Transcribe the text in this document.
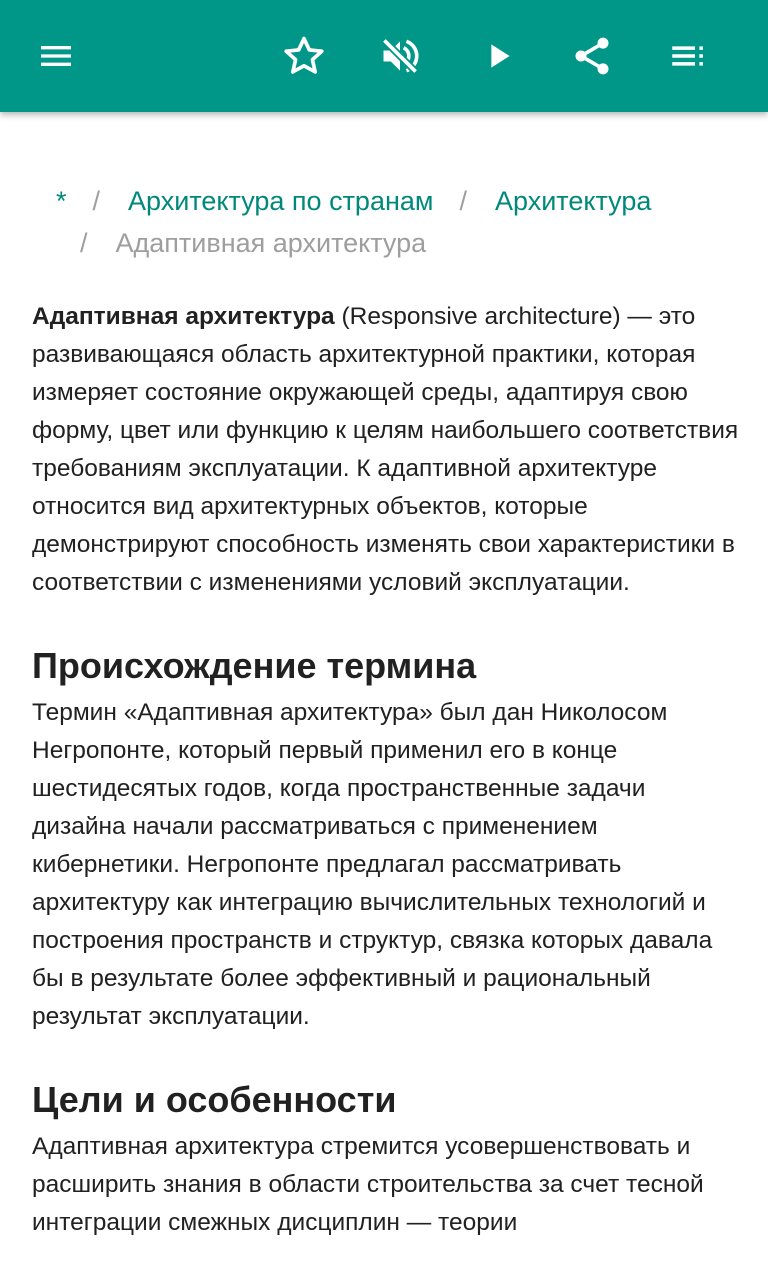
* / Архитектура по странам / Архитектура
/ Адаптивная архитектура

Адаптивная архитектура (Responsive architecture) — это развивающаяся область архитектурной практики, которая измеряет состояние окружающей среды, адаптируя свою форму, цвет или функцию к целям наибольшего соответствия требованиям эксплуатации. К адаптивной архитектуре относится вид архитектурных объектов, которые демонстрируют способность изменять свои характеристики в соответствии с изменениями условий эксплуатации.

Происхождение термина

Термин «Адаптивная архитектура» был дан Николосом Негропонте, который первый применил его в конце шестидесятых годов, когда пространственные задачи дизайна начали рассматриваться с применением кибернетики. Негропонте предлагал рассматривать архитектуру как интеграцию вычислительных технологий и построения пространств и структур, связка которых давала бы в результате более эффективный и рациональный результат эксплуатации.

Цели и особенности

Адаптивная архитектура стремится усовершенствовать и расширить знания в области строительства за счет тесной интеграции смежных дисциплин — теории
